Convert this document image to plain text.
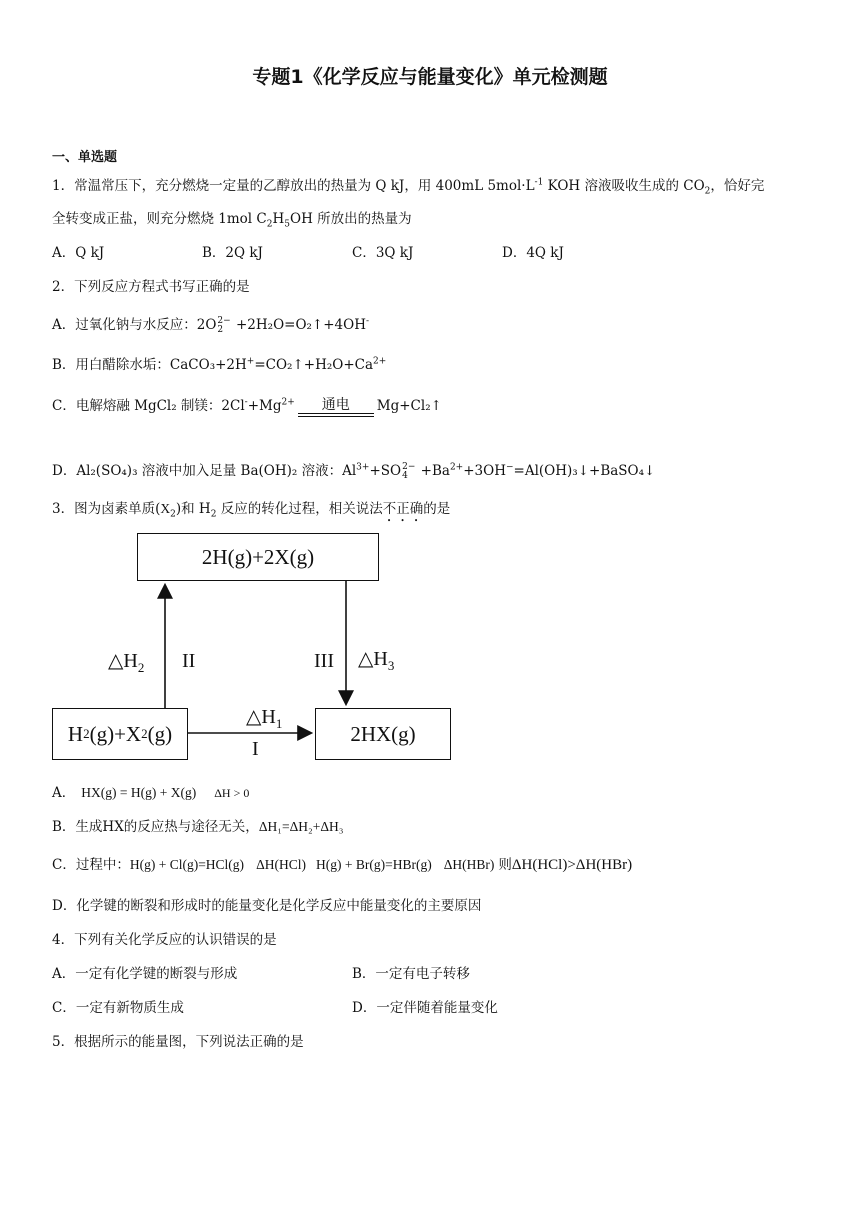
专题1《化学反应与能量变化》单元检测题
一、单选题
1．常温常压下，充分燃烧一定量的乙醇放出的热量为 Q kJ，用 400mL $5mol\cdot L^{-1}$ KOH 溶液吸收生成的 $CO_2$，恰好完
全转变成正盐，则充分燃烧 1mol $C_2H_5OH$ 所放出的热量为
A．Q kJ	B．2Q kJ	C．3Q kJ	D．4Q kJ
2．下列反应方程式书写正确的是
A．过氧化钠与水反应：2O 2−
2 +2H₂O=O₂↑+4OH-
B．用白醋除水垢：$CaCO_3+2H^+=CO_2↑+H_2O+Ca^{2+}$
C．电解熔融 MgCl₂ 制镁：$2Cl^-+Mg^{2+}$	通电	Mg+Cl₂↑
D．Al₂(SO₄)₃ 溶液中加入足量 Ba(OH)₂ 溶液：$Al^{3+}+SO$ 2−
$4 +Ba^{2+}+3OH^-=Al(OH)_3↓+BaSO_4↓$
3．图为卤素单质$(X_2)$和 $H_2$ 反应的转化过程，相关说法不正确的是
2H(g)+2X(g)
H 2 (g)+X 2 (g)	2HX(g)
$\triangle H_2$ II	III $\triangle H_3$
$\triangle H_1$
I
A． HX(g) = H(g) + X(g) ΔH > 0
B．生成HX的反应热与途径无关，ΔH₁=ΔH₂+ΔH₃
C．过程中：H(g) + Cl(g)=HCl(g) ΔH(HCl) H(g) + Br(g)=HBr(g) ΔH(HBr) 则ΔH(HCl)>ΔH(HBr)
D．化学键的断裂和形成时的能量变化是化学反应中能量变化的主要原因
4．下列有关化学反应的认识错误的是
A．一定有化学键的断裂与形成	B．一定有电子转移
C．一定有新物质生成	D．一定伴随着能量变化
5．根据所示的能量图，下列说法正确的是
